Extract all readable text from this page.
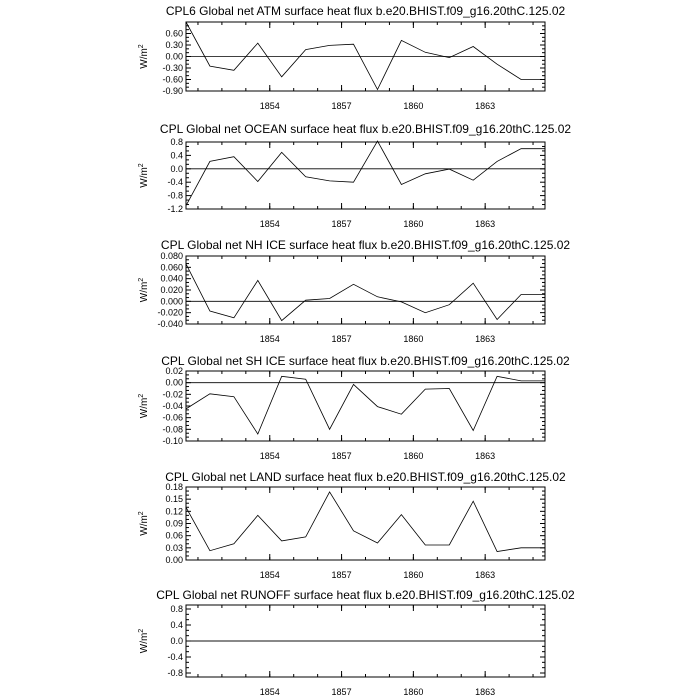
CPL6 Global net ATM surface heat flux b.e20.BHIST.f09_g16.20thC.125.02
$W/m^2$
-0.90
-0.60
-0.30
0.00
0.30
0.60
1854	1857	1860	1863
CPL Global net OCEAN surface heat flux b.e20.BHIST.f09_g16.20thC.125.02
$W/m^2$
-1.2
-0.8
-0.4
0.0
0.4
0.8
1854	1857	1860	1863
CPL Global net NH ICE surface heat flux b.e20.BHIST.f09_g16.20thC.125.02
$W/m^2$
-0.040
-0.020
0.000
0.020
0.040
0.060
0.080
1854	1857	1860	1863
CPL Global net SH ICE surface heat flux b.e20.BHIST.f09_g16.20thC.125.02
$W/m^2$
-0.10
-0.08
-0.06
-0.04
-0.02
0.00
0.02
1854	1857	1860	1863
CPL Global net LAND surface heat flux b.e20.BHIST.f09_g16.20thC.125.02
$W/m^2$
0.00
0.03
0.06
0.09
0.12
0.15
0.18
1854	1857	1860	1863
CPL Global net RUNOFF surface heat flux b.e20.BHIST.f09_g16.20thC.125.02
$W/m^2$
-0.8
-0.4
0.0
0.4
0.8
1854	1857	1860	1863
